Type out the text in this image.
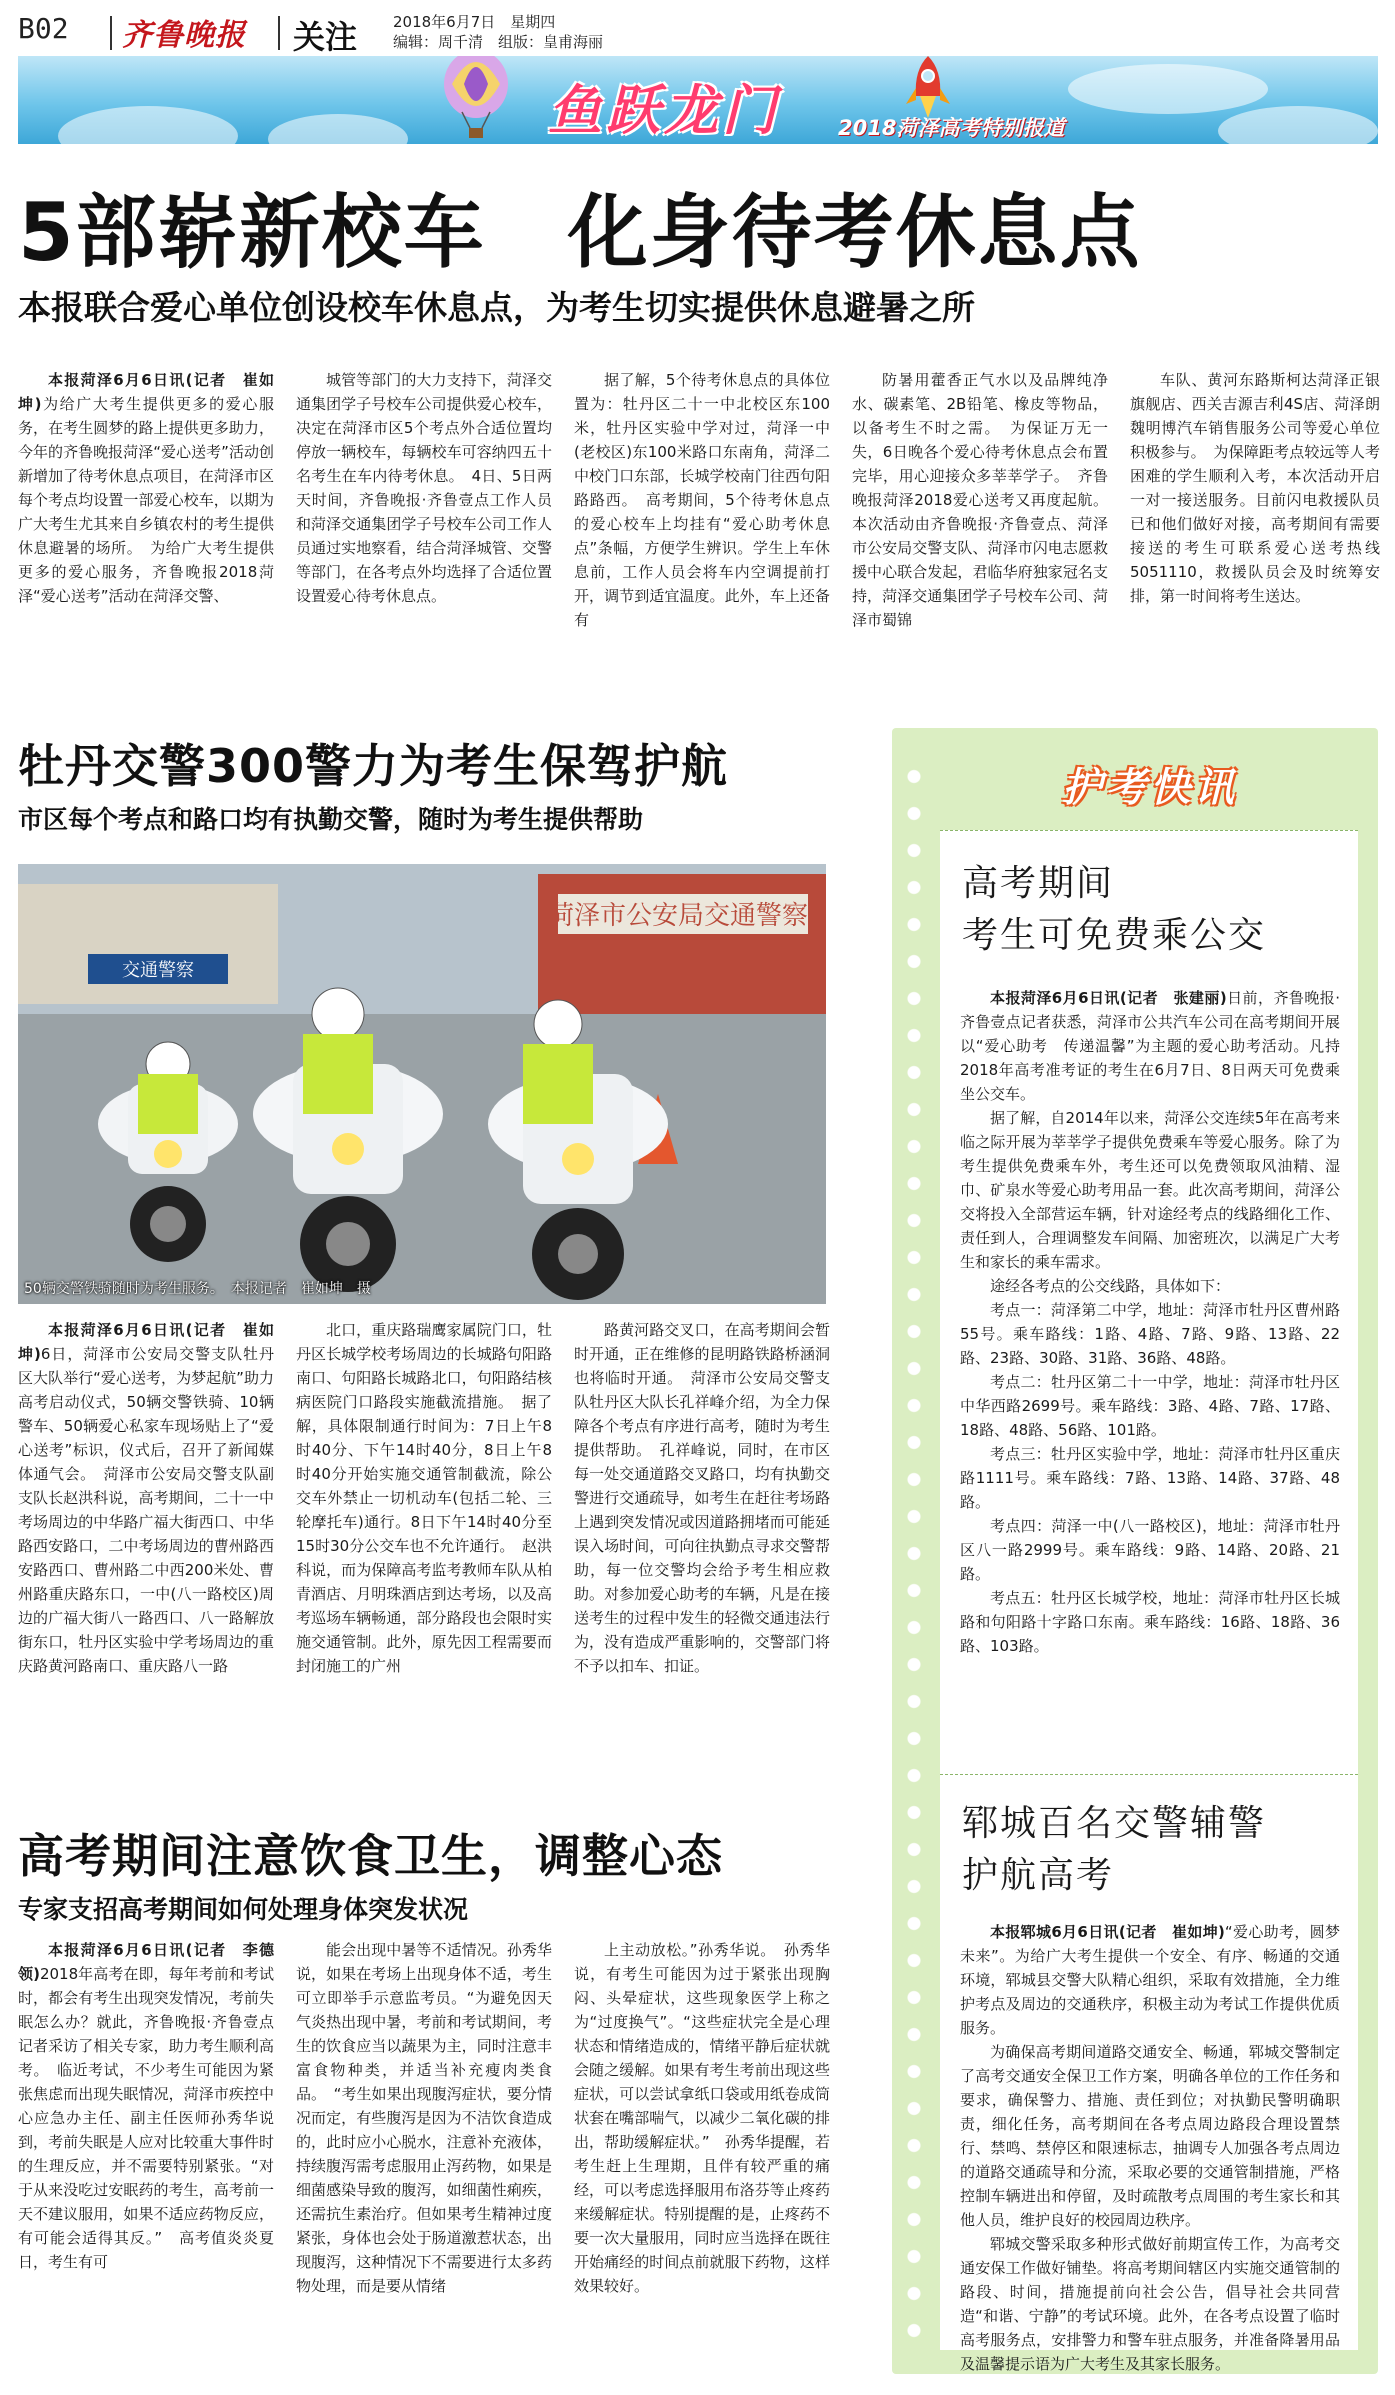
B02 齐鲁晚报 关注 2018年6月7日　星期四
编辑：周千清　组版：皇甫海丽
鱼跃龙门	2018菏泽高考特别报道
5部崭新校车　化身待考休息点
本报联合爱心单位创设校车休息点，为考生切实提供休息避暑之所

本报菏泽6月6日讯(记者　崔如坤)为给广大考生提供更多的爱心服务，在考生圆梦的路上提供更多助力，今年的齐鲁晚报菏泽“爱心送考”活动创新增加了待考休息点项目，在菏泽市区每个考点均设置一部爱心校车，以期为广大考生尤其来自乡镇农村的考生提供休息避暑的场所。　为给广大考生提供更多的爱心服务，齐鲁晚报2018菏泽“爱心送考”活动在菏泽交警、

城管等部门的大力支持下，菏泽交通集团学子号校车公司提供爱心校车，决定在菏泽市区5个考点外合适位置均停放一辆校车，每辆校车可容纳四五十名考生在车内待考休息。　4日、5日两天时间，齐鲁晚报·齐鲁壹点工作人员和菏泽交通集团学子号校车公司工作人员通过实地察看，结合菏泽城管、交警等部门，在各考点外均选择了合适位置设置爱心待考休息点。

据了解，5个待考休息点的具体位置为：牡丹区二十一中北校区东100米，牡丹区实验中学对过，菏泽一中(老校区)东100米路口东南角，菏泽二中校门口东部，长城学校南门往西句阳路路西。　高考期间，5个待考休息点的爱心校车上均挂有“爱心助考休息点”条幅，方便学生辨识。学生上车休息前，工作人员会将车内空调提前打开，调节到适宜温度。此外，车上还备有

防暑用藿香正气水以及品牌纯净水、碳素笔、2B铅笔、橡皮等物品，以备考生不时之需。　为保证万无一失，6日晚各个爱心待考休息点会布置完毕，用心迎接众多莘莘学子。　齐鲁晚报菏泽2018爱心送考又再度起航。本次活动由齐鲁晚报·齐鲁壹点、菏泽市公安局交警支队、菏泽市闪电志愿救援中心联合发起，君临华府独家冠名支持，菏泽交通集团学子号校车公司、菏泽市蜀锦

车队、黄河东路斯柯达菏泽正银旗舰店、西关吉源吉利4S店、菏泽朗魏明博汽车销售服务公司等爱心单位积极参与。　为保障距考点较远等人考困难的学生顺利入考，本次活动开启一对一接送服务。目前闪电救援队员已和他们做好对接，高考期间有需要接送的考生可联系爱心送考热线5051110，救援队员会及时统筹安排，第一时间将考生送达。

牡丹交警300警力为考生保驾护航
市区每个考点和路口均有执勤交警，随时为考生提供帮助
菏泽市公安局交通警察
交通警察
50辆交警铁骑随时为考生服务。　本报记者　崔如坤　摄

本报菏泽6月6日讯(记者　崔如坤)6日，菏泽市公安局交警支队牡丹区大队举行“爱心送考，为梦起航”助力高考启动仪式，50辆交警铁骑、10辆警车、50辆爱心私家车现场贴上了“爱心送考”标识，仪式后，召开了新闻媒体通气会。　菏泽市公安局交警支队副支队长赵洪科说，高考期间，二十一中考场周边的中华路广福大街西口、中华路西安路口，二中考场周边的曹州路西安路西口、曹州路二中西200米处、曹州路重庆路东口，一中(八一路校区)周边的广福大街八一路西口、八一路解放街东口，牡丹区实验中学考场周边的重庆路黄河路南口、重庆路八一路

北口，重庆路瑞鹰家属院门口，牡丹区长城学校考场周边的长城路句阳路南口、句阳路长城路北口，句阳路结核病医院门口路段实施截流措施。　据了解，具体限制通行时间为：7日上午8时40分、下午14时40分，8日上午8时40分开始实施交通管制截流，除公交车外禁止一切机动车(包括二轮、三轮摩托车)通行。8日下午14时40分至15时30分公交车也不允许通行。　赵洪科说，而为保障高考监考教师车队从柏青酒店、月明珠酒店到达考场，以及高考巡场车辆畅通，部分路段也会限时实施交通管制。此外，原先因工程需要而封闭施工的广州

路黄河路交叉口，在高考期间会暂时开通，正在维修的昆明路铁路桥涵洞也将临时开通。　菏泽市公安局交警支队牡丹区大队长孔祥峰介绍，为全力保障各个考点有序进行高考，随时为考生提供帮助。　孔祥峰说，同时，在市区每一处交通道路交叉路口，均有执勤交警进行交通疏导，如考生在赶往考场路上遇到突发情况或因道路拥堵而可能延误入场时间，可向往执勤点寻求交警帮助，每一位交警均会给予考生相应救助。对参加爱心助考的车辆，凡是在接送考生的过程中发生的轻微交通违法行为，没有造成严重影响的，交警部门将不予以扣车、扣证。

高考期间注意饮食卫生，调整心态
专家支招高考期间如何处理身体突发状况

本报菏泽6月6日讯(记者　李德领)2018年高考在即，每年考前和考试时，都会有考生出现突发情况，考前失眠怎么办？就此，齐鲁晚报·齐鲁壹点记者采访了相关专家，助力考生顺利高考。　临近考试，不少考生可能因为紧张焦虑而出现失眠情况，菏泽市疾控中心应急办主任、副主任医师孙秀华说到，考前失眠是人应对比较重大事件时的生理反应，并不需要特别紧张。“对于从来没吃过安眠药的考生，高考前一天不建议服用，如果不适应药物反应，有可能会适得其反。”　高考值炎炎夏日，考生有可

能会出现中暑等不适情况。孙秀华说，如果在考场上出现身体不适，考生可立即举手示意监考员。“为避免因天气炎热出现中暑，考前和考试期间，考生的饮食应当以蔬果为主，同时注意丰富食物种类，并适当补充瘦肉类食品。　“考生如果出现腹泻症状，要分情况而定，有些腹泻是因为不洁饮食造成的，此时应小心脱水，注意补充液体，持续腹泻需考虑服用止泻药物，如果是细菌感染导致的腹泻，如细菌性痢疾，还需抗生素治疗。但如果考生精神过度紧张，身体也会处于肠道激惹状态，出现腹泻，这种情况下不需要进行太多药物处理，而是要从情绪

上主动放松。”孙秀华说。　孙秀华说，有考生可能因为过于紧张出现胸闷、头晕症状，这些现象医学上称之为“过度换气”。“这些症状完全是心理状态和情绪造成的，情绪平静后症状就会随之缓解。如果有考生考前出现这些症状，可以尝试拿纸口袋或用纸卷成筒状套在嘴部喘气，以减少二氧化碳的排出，帮助缓解症状。”　孙秀华提醒，若考生赶上生理期，且伴有较严重的痛经，可以考虑选择服用布洛芬等止疼药来缓解症状。特别提醒的是，止疼药不要一次大量服用，同时应当选择在既往开始痛经的时间点前就服下药物，这样效果较好。

护考快讯
高考期间
考生可免费乘公交

本报菏泽6月6日讯(记者　张建丽)日前，齐鲁晚报·齐鲁壹点记者获悉，菏泽市公共汽车公司在高考期间开展以“爱心助考　传递温馨”为主题的爱心助考活动。凡持2018年高考准考证的考生在6月7日、8日两天可免费乘坐公交车。

据了解，自2014年以来，菏泽公交连续5年在高考来临之际开展为莘莘学子提供免费乘车等爱心服务。除了为考生提供免费乘车外，考生还可以免费领取风油精、湿巾、矿泉水等爱心助考用品一套。此次高考期间，菏泽公交将投入全部营运车辆，针对途经考点的线路细化工作、责任到人，合理调整发车间隔、加密班次，以满足广大考生和家长的乘车需求。

途经各考点的公交线路，具体如下：

考点一：菏泽第二中学，地址：菏泽市牡丹区曹州路55号。乘车路线：1路、4路、7路、9路、13路、22路、23路、30路、31路、36路、48路。

考点二：牡丹区第二十一中学，地址：菏泽市牡丹区中华西路2699号。乘车路线：3路、4路、7路、17路、18路、48路、56路、101路。

考点三：牡丹区实验中学，地址：菏泽市牡丹区重庆路1111号。乘车路线：7路、13路、14路、37路、48路。

考点四：菏泽一中(八一路校区)，地址：菏泽市牡丹区八一路2999号。乘车路线：9路、14路、20路、21路。

考点五：牡丹区长城学校，地址：菏泽市牡丹区长城路和句阳路十字路口东南。乘车路线：16路、18路、36路、103路。

郓城百名交警辅警
护航高考

本报郓城6月6日讯(记者　崔如坤)“爱心助考，圆梦未来”。为给广大考生提供一个安全、有序、畅通的交通环境，郓城县交警大队精心组织，采取有效措施，全力维护考点及周边的交通秩序，积极主动为考试工作提供优质服务。

为确保高考期间道路交通安全、畅通，郓城交警制定了高考交通安全保卫工作方案，明确各单位的工作任务和要求，确保警力、措施、责任到位；对执勤民警明确职责，细化任务，高考期间在各考点周边路段合理设置禁行、禁鸣、禁停区和限速标志，抽调专人加强各考点周边的道路交通疏导和分流，采取必要的交通管制措施，严格控制车辆进出和停留，及时疏散考点周围的考生家长和其他人员，维护良好的校园周边秩序。

郓城交警采取多种形式做好前期宣传工作，为高考交通安保工作做好铺垫。将高考期间辖区内实施交通管制的路段、时间，措施提前向社会公告，倡导社会共同营造“和谐、宁静”的考试环境。此外，在各考点设置了临时高考服务点，安排警力和警车驻点服务，并准备降暑用品及温馨提示语为广大考生及其家长服务。
